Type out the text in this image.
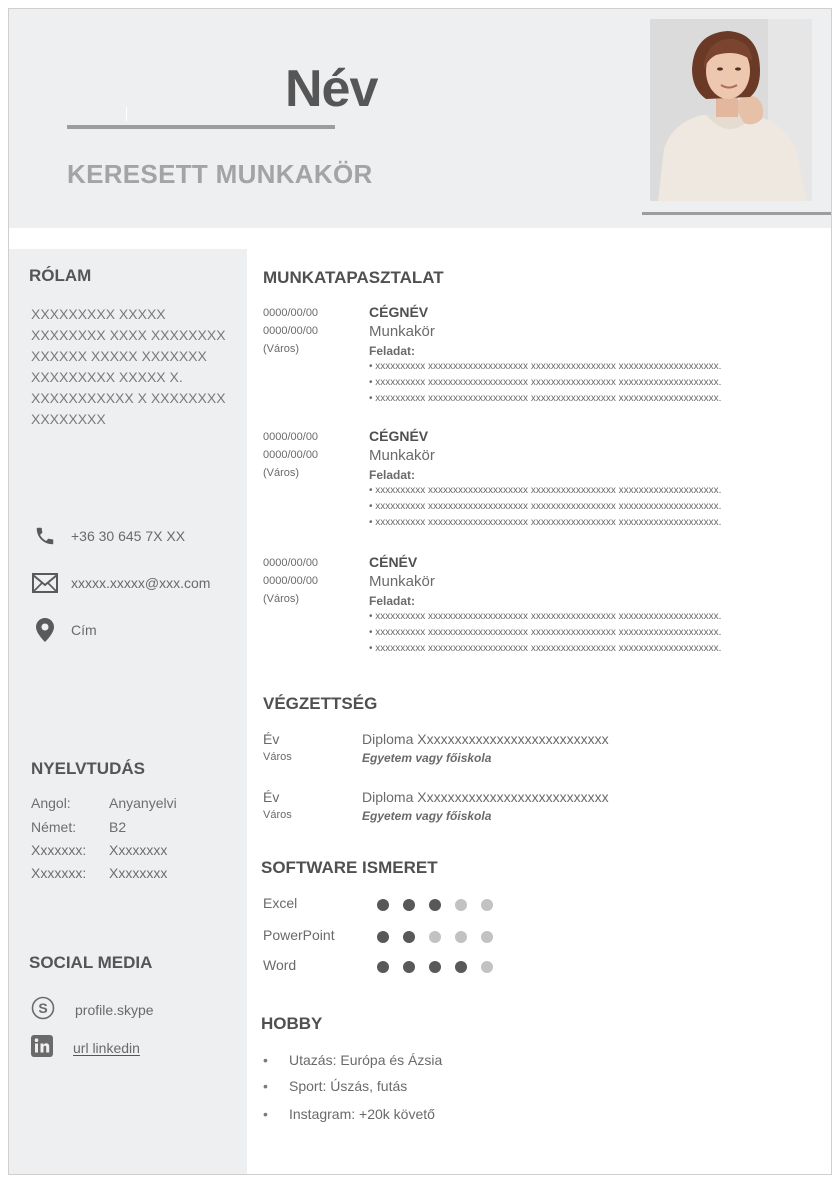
Név
KERESETT MUNKAKÖR
RÓLAM
XXXXXXXXX XXXXX XXXXXXXX XXXX XXXXXXXX XXXXXX XXXXX XXXXXXX XXXXXXXXX XXXXX X. XXXXXXXXXXX X XXXXXXXX XXXXXXXX
+36 30 645 7X XX
xxxxx.xxxxx@xxx.com
Cím
NYELVTUDÁS
Angol:	Anyanyelvi
Német: B2
Xxxxxxx: Xxxxxxxx
Xxxxxxx: Xxxxxxxx
SOCIAL MEDIA
S profile.skype
url linkedin
MUNKATAPASZTALAT
0000/00/00
0000/00/00
(Város)
CÉGNÉV
Munkakör
Feladat:
• xxxxxxxxxx xxxxxxxxxxxxxxxxxxxx xxxxxxxxxxxxxxxxx xxxxxxxxxxxxxxxxxxxx.
• xxxxxxxxxx xxxxxxxxxxxxxxxxxxxx xxxxxxxxxxxxxxxxx xxxxxxxxxxxxxxxxxxxx.
• xxxxxxxxxx xxxxxxxxxxxxxxxxxxxx xxxxxxxxxxxxxxxxx xxxxxxxxxxxxxxxxxxxx.
0000/00/00
0000/00/00
(Város)
CÉGNÉV
Munkakör
Feladat:
• xxxxxxxxxx xxxxxxxxxxxxxxxxxxxx xxxxxxxxxxxxxxxxx xxxxxxxxxxxxxxxxxxxx.
• xxxxxxxxxx xxxxxxxxxxxxxxxxxxxx xxxxxxxxxxxxxxxxx xxxxxxxxxxxxxxxxxxxx.
• xxxxxxxxxx xxxxxxxxxxxxxxxxxxxx xxxxxxxxxxxxxxxxx xxxxxxxxxxxxxxxxxxxx.
0000/00/00
0000/00/00
(Város)
CÉNÉV
Munkakör
Feladat:
• xxxxxxxxxx xxxxxxxxxxxxxxxxxxxx xxxxxxxxxxxxxxxxx xxxxxxxxxxxxxxxxxxxx.
• xxxxxxxxxx xxxxxxxxxxxxxxxxxxxx xxxxxxxxxxxxxxxxx xxxxxxxxxxxxxxxxxxxx.
• xxxxxxxxxx xxxxxxxxxxxxxxxxxxxx xxxxxxxxxxxxxxxxx xxxxxxxxxxxxxxxxxxxx.
VÉGZETTSÉG
Év
Város
Diploma Xxxxxxxxxxxxxxxxxxxxxxxxxxx
Egyetem vagy főiskola
Év
Város
Diploma Xxxxxxxxxxxxxxxxxxxxxxxxxxx
Egyetem vagy főiskola
SOFTWARE ISMERET
Excel
PowerPoint
Word
HOBBY
• Utazás: Európa és Ázsia
• Sport: Úszás, futás
• Instagram: +20k követő
